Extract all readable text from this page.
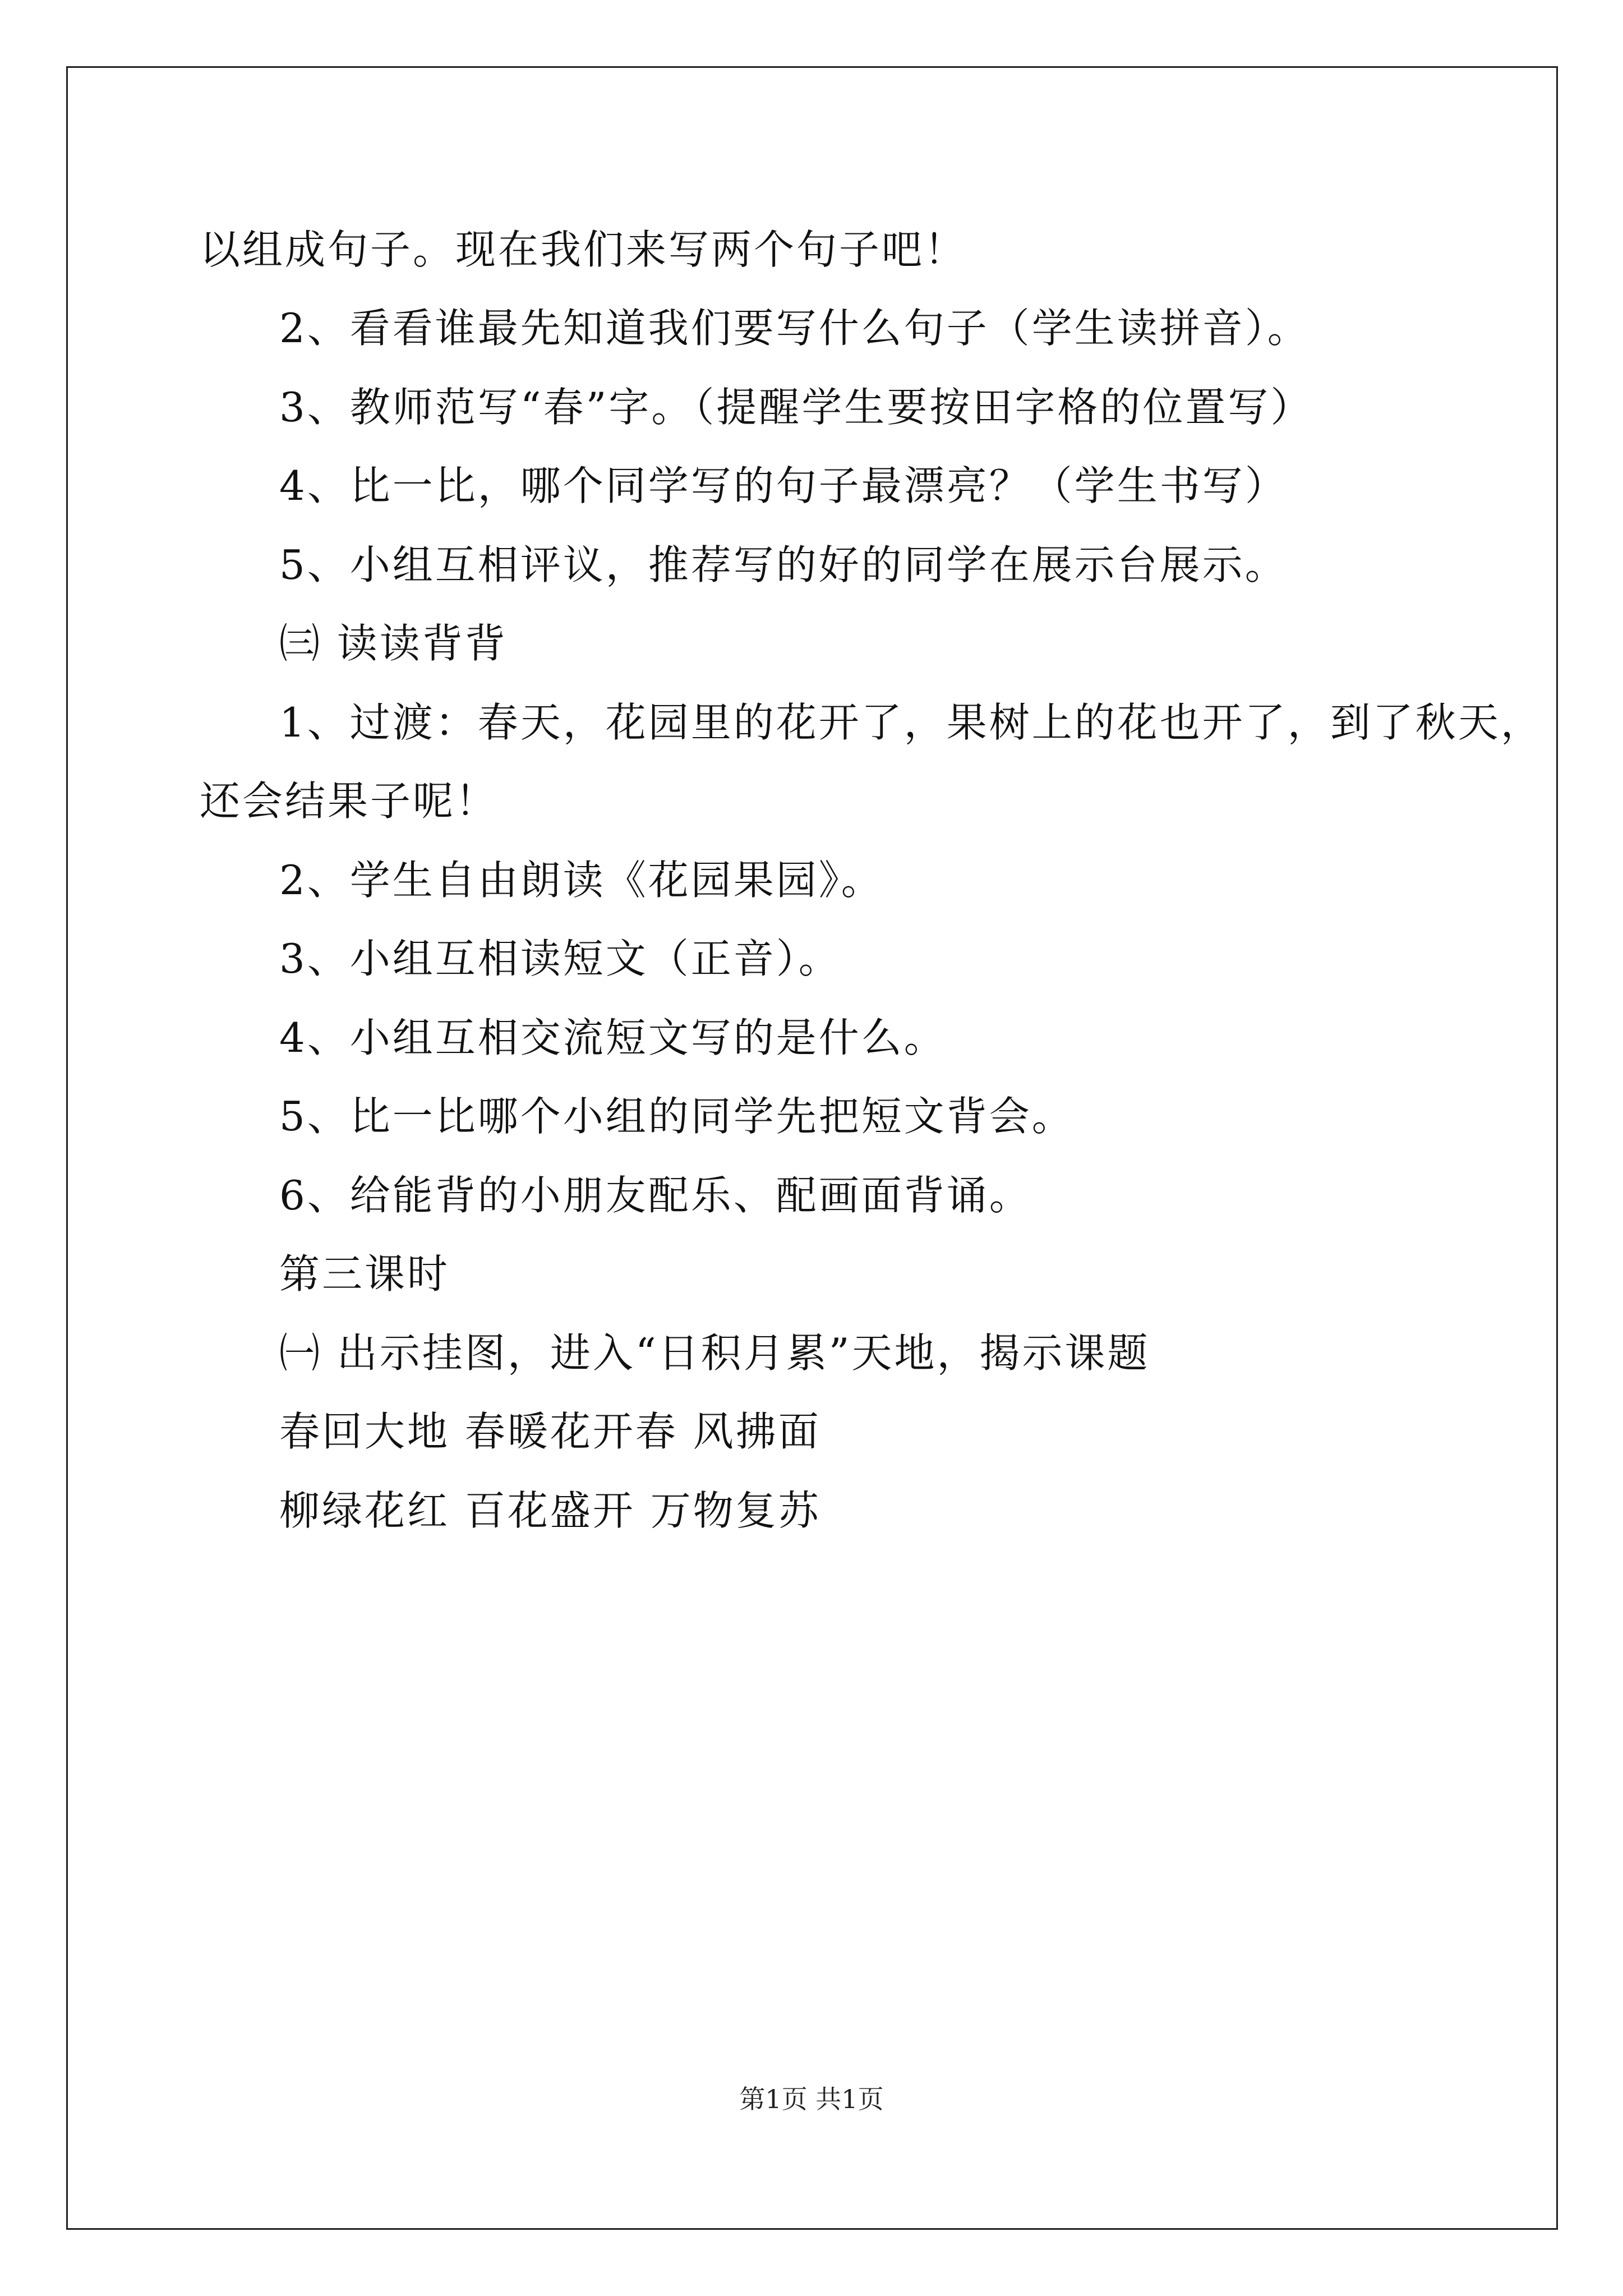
以组成句子。现在我们来写两个句子吧！
2、看看谁最先知道我们要写什么句子（学生读拼音）。
3、教师范写“春”字。（提醒学生要按田字格的位置写）
4、比一比，哪个同学写的句子最漂亮？（学生书写）
5、小组互相评议，推荐写的好的同学在展示台展示。
㈢ 读读背背
1、过渡：春天，花园里的花开了，果树上的花也开了，到了秋天，
还会结果子呢！
2、学生自由朗读《花园果园》。
3、小组互相读短文（正音）。
4、小组互相交流短文写的是什么。
5、比一比哪个小组的同学先把短文背会。
6、给能背的小朋友配乐、配画面背诵。
第三课时
㈠ 出示挂图，进入“日积月累”天地，揭示课题
春回大地 春暖花开春 风拂面
柳绿花红 百花盛开 万物复苏
第1页 共1页
